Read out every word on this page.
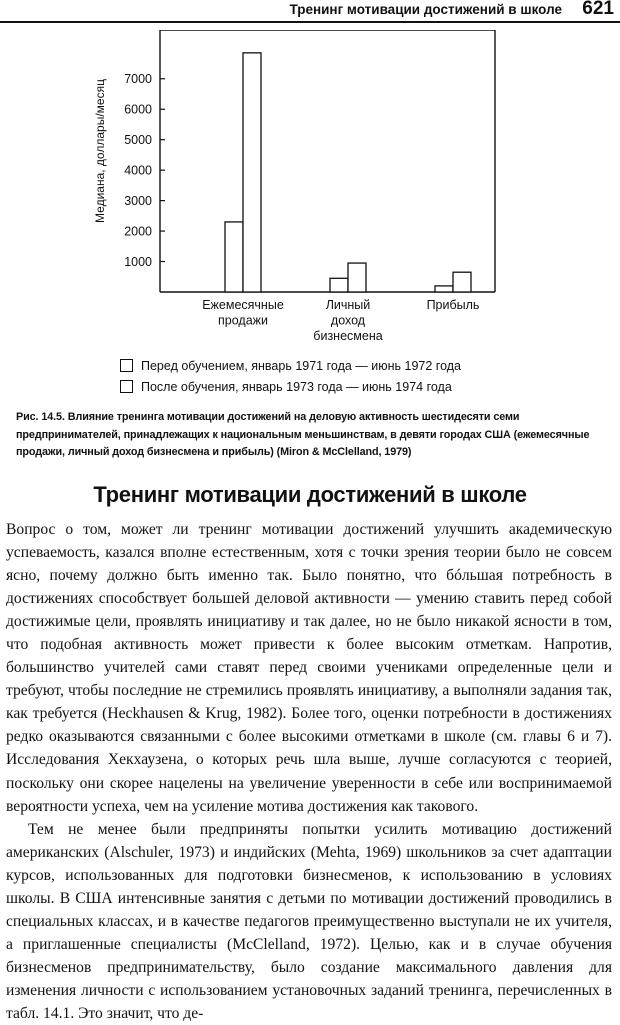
Тренинг мотивации достижений в школе 621
1000
2000
3000
4000
5000
6000
7000
Медиана, доллары/месяц
Ежемесячные
продажи
Личный
доход
бизнесмена
Прибыль
Перед обучением, январь 1971 года — июнь 1972 года
После обучения, январь 1973 года — июнь 1974 года
Рис. 14.5. Влияние тренинга мотивации достижений на деловую активность шестидесяти семи предпринимателей, принадлежащих к национальным меньшинствам, в девяти городах США (ежемесячные продажи, личный доход бизнесмена и прибыль) (Miron & McClelland, 1979)
Тренинг мотивации достижений в школе

Вопрос о том, может ли тренинг мотивации достижений улучшить академическую успеваемость, казался вполне естественным, хотя с точки зрения теории было не совсем ясно, почему должно быть именно так. Было понятно, что бóльшая потребность в достижениях способствует большей деловой активности — умению ставить перед собой достижимые цели, проявлять инициативу и так далее, но не было никакой ясности в том, что подобная активность может привести к более высоким отметкам. Напротив, большинство учителей сами ставят перед своими учениками определенные цели и требуют, чтобы последние не стремились проявлять инициативу, а выполняли задания так, как требуется (Heckhausen & Krug, 1982). Более того, оценки потребности в достижениях редко оказываются связанными с более высокими отметками в школе (см. главы 6 и 7). Исследования Хекхаузена, о которых речь шла выше, лучше согласуются с теорией, поскольку они скорее нацелены на увеличение уверенности в себе или воспринимаемой вероятности успеха, чем на усиление мотива достижения как такового.

Тем не менее были предприняты попытки усилить мотивацию достижений американских (Alschuler, 1973) и индийских (Mehta, 1969) школьников за счет адаптации курсов, использованных для подготовки бизнесменов, к использованию в условиях школы. В США интенсивные занятия с детьми по мотивации достижений проводились в специальных классах, и в качестве педагогов преимущественно выступали не их учителя, а приглашенные специалисты (McClelland, 1972). Целью, как и в случае обучения бизнесменов предпринимательству, было создание максимального давления для изменения личности с использованием установочных заданий тренинга, перечисленных в табл. 14.1. Это значит, что де-
